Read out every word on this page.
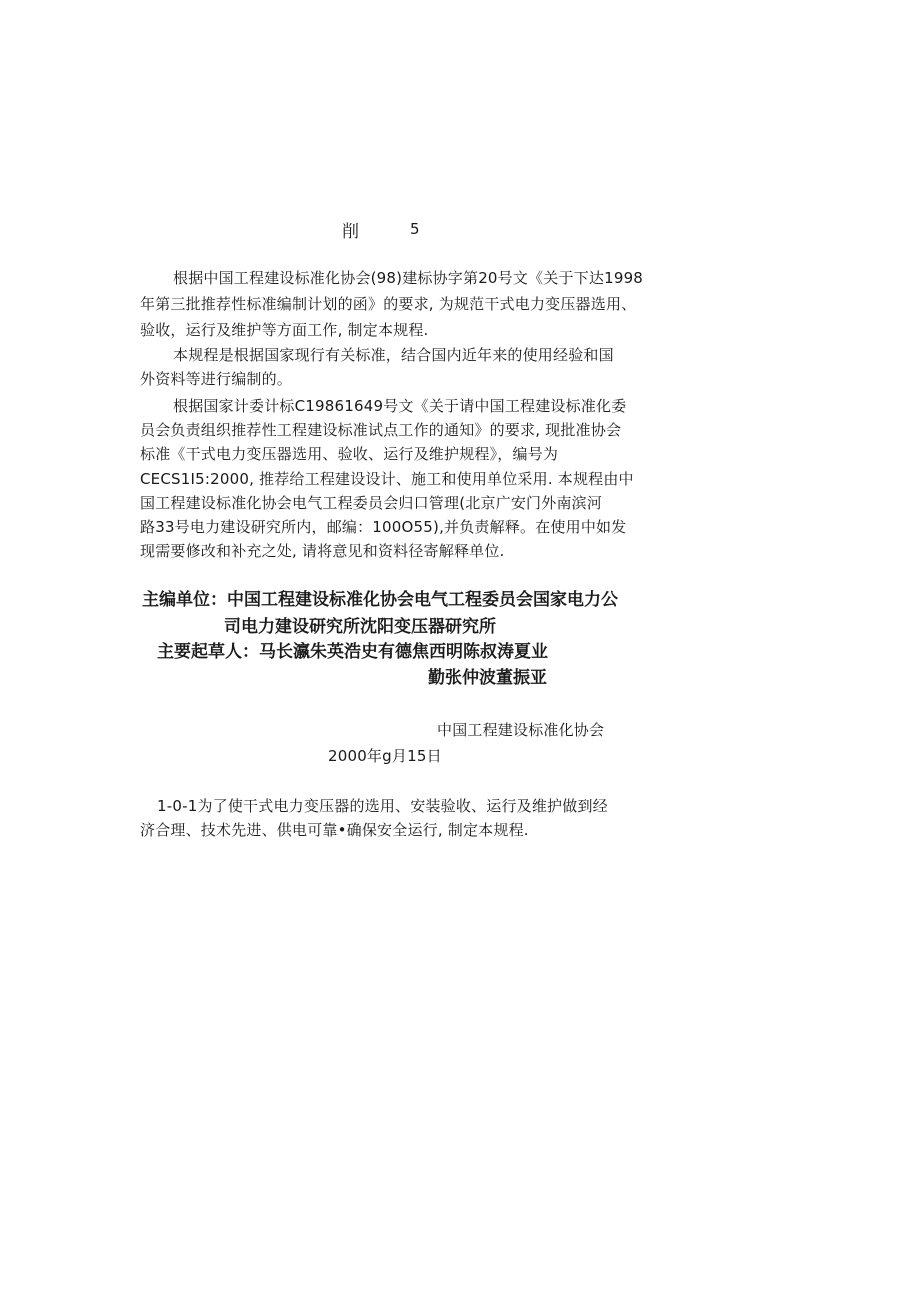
削	5
根据中国工程建设标准化协会(98)建标协字第20号文《关于下达1998
年第三批推荐性标准编制计划的函》的要求, 为规范干式电力变压器选用、
验收，运行及维护等方面工作, 制定本规程.
本规程是根据国家现行有关标准，结合国内近年来的使用经验和国
外资料等进行编制的。
根据国家计委计标C19861649号文《关于请中国工程建设标准化委
员会负责组织推荐性工程建设标准试点工作的通知》的要求, 现批准协会
标准《干式电力变压器选用、验收、运行及维护规程》，编号为
CECS1I5:2000, 推荐给工程建设设计、施工和使用单位采用. 本规程由中
国工程建设标准化协会电气工程委员会归口管理(北京广安门外南滨河
路33号电力建设研究所内，邮编：100O55),并负责解释。在使用中如发
现需要修改和补充之处, 请将意见和资料径寄解释单位.
主编单位：中国工程建设标准化协会电气工程委员会国家电力公
司电力建设研究所沈阳变压器研究所
主要起草人：马长瀛朱英浩史有德焦西明陈叔涛夏业
勤张仲波董振亚
中国工程建设标准化协会
2000年g月15日
1-0-1为了使干式电力变压器的选用、安装验收、运行及维护做到经
济合理、技术先进、供电可靠•确保安全运行, 制定本规程.
